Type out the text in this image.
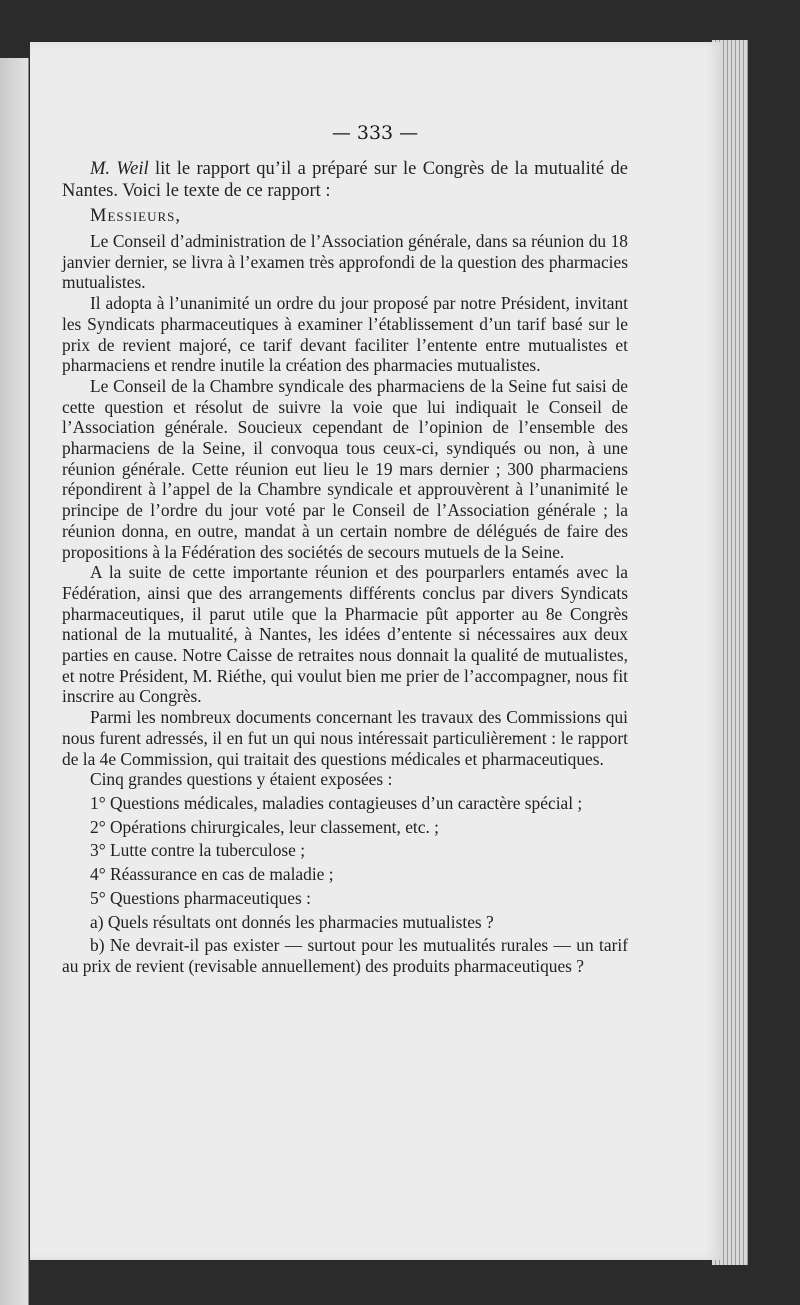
— 333 —

M. Weil lit le rapport qu’il a préparé sur le Congrès de la mutualité de Nantes. Voici le texte de ce rapport :

Messieurs,

Le Conseil d’administration de l’Association générale, dans sa réunion du 18 janvier dernier, se livra à l’examen très approfondi de la question des pharmacies mutualistes.

Il adopta à l’unanimité un ordre du jour proposé par notre Président, invitant les Syndicats pharmaceutiques à examiner l’établissement d’un tarif basé sur le prix de revient majoré, ce tarif devant faciliter l’entente entre mutualistes et pharmaciens et rendre inutile la création des pharmacies mutualistes.

Le Conseil de la Chambre syndicale des pharmaciens de la Seine fut saisi de cette question et résolut de suivre la voie que lui indiquait le Conseil de l’Association générale. Soucieux cependant de l’opinion de l’ensemble des pharmaciens de la Seine, il convoqua tous ceux-ci, syndiqués ou non, à une réunion générale. Cette réunion eut lieu le 19 mars dernier ; 300 pharmaciens répondirent à l’appel de la Chambre syndicale et approuvèrent à l’unanimité le principe de l’ordre du jour voté par le Conseil de l’Association générale ; la réunion donna, en outre, mandat à un certain nombre de délégués de faire des propositions à la Fédération des sociétés de secours mutuels de la Seine.

A la suite de cette importante réunion et des pourparlers entamés avec la Fédération, ainsi que des arrangements différents conclus par divers Syndicats pharmaceutiques, il parut utile que la Pharmacie pût apporter au 8e Congrès national de la mutualité, à Nantes, les idées d’entente si nécessaires aux deux parties en cause. Notre Caisse de retraites nous donnait la qualité de mutualistes, et notre Président, M. Riéthe, qui voulut bien me prier de l’accompagner, nous fit inscrire au Congrès.

Parmi les nombreux documents concernant les travaux des Commissions qui nous furent adressés, il en fut un qui nous intéressait particulièrement : le rapport de la 4e Commission, qui traitait des questions médicales et pharmaceutiques.

Cinq grandes questions y étaient exposées :

1° Questions médicales, maladies contagieuses d’un caractère spécial ;

2° Opérations chirurgicales, leur classement, etc. ;

3° Lutte contre la tuberculose ;

4° Réassurance en cas de maladie ;

5° Questions pharmaceutiques :

a) Quels résultats ont donnés les pharmacies mutualistes ?

b) Ne devrait-il pas exister — surtout pour les mutualités rurales — un tarif au prix de revient (revisable annuellement) des produits pharmaceutiques ?
